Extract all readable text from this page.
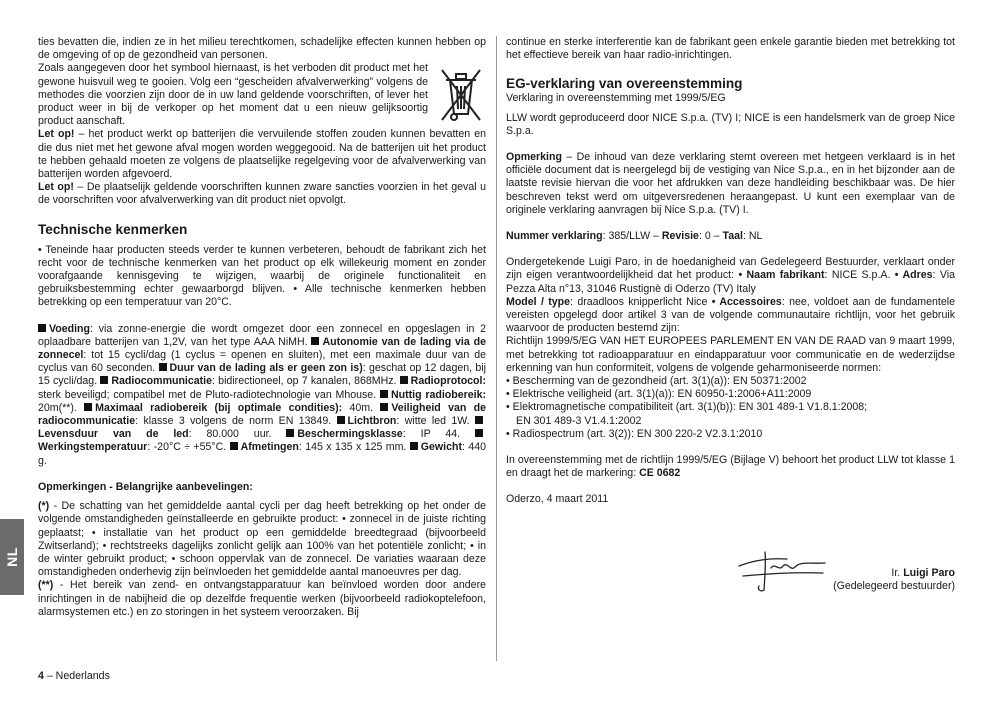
NL

ties bevatten die, indien ze in het milieu terechtkomen, schadelijke effecten kunnen hebben op de omgeving of op de gezondheid van personen.

Zoals aangegeven door het symbool hiernaast, is het verboden dit product met het gewone huisvuil weg te gooien. Volg een “gescheiden afvalverwerking” volgens de methodes die voorzien zijn door de in uw land geldende voorschriften, of lever het product weer in bij de verkoper op het moment dat u een nieuw gelijksoortig product aanschaft.

Let op! – het product werkt op batterijen die vervuilende stoffen zouden kunnen bevatten en die dus niet met het gewone afval mogen worden weggegooid. Na de batterijen uit het product te hebben gehaald moeten ze volgens de plaatselijke regelgeving voor de afvalverwerking van batterijen worden afgevoerd.

Let op! – De plaatselijk geldende voorschriften kunnen zware sancties voorzien in het geval u de voorschriften voor afvalverwerking van dit product niet opvolgt.

Technische kenmerken

• Teneinde haar producten steeds verder te kunnen verbeteren, behoudt de fabrikant zich het recht voor de technische kenmerken van het product op elk willekeurig moment en zonder voorafgaande kennisgeving te wijzigen, waarbij de originele functionaliteit en gebruiksbestemming echter gewaarborgd blijven. • Alle technische kenmerken hebben betrekking op een temperatuur van 20°C.

Voeding: via zonne-energie die wordt omgezet door een zonnecel en opgeslagen in 2 oplaadbare batterijen van 1,2V, van het type AAA NiMH. Autonomie van de lading via de zonnecel: tot 15 cycli/dag (1 cyclus = openen en sluiten), met een maximale duur van de cyclus van 60 seconden. Duur van de lading als er geen zon is): geschat op 12 dagen, bij 15 cycli/dag. Radiocommunicatie: bidirectioneel, op 7 kanalen, 868MHz. Radioprotocol: sterk beveiligd; compatibel met de Pluto-radiotechnologie van Mhouse. Nuttig radiobereik: 20m(**). Maximaal radiobereik (bij optimale condities): 40m. Veiligheid van de radiocommunicatie: klasse 3 volgens de norm EN 13849. Lichtbron: witte led 1W. Levensduur van de led: 80.000 uur. Beschermingsklasse: IP 44. Werkingstemperatuur: -20°C ÷ +55°C. Afmetingen: 145 x 135 x 125 mm. Gewicht: 440 g.

Opmerkingen - Belangrijke aanbevelingen:

(*) - De schatting van het gemiddelde aantal cycli per dag heeft betrekking op het onder de volgende omstandigheden geïnstalleerde en gebruikte product: • zonnecel in de juiste richting geplaatst; • installatie van het product op een gemiddelde breedtegraad (bijvoorbeeld Zwitserland); • rechtstreeks dagelijks zonlicht gelijk aan 100% van het potentiële zonlicht; • in de winter gebruikt product; • schoon oppervlak van de zonnecel. De variaties waaraan deze omstandigheden onderhevig zijn beïnvloeden het gemiddelde aantal manoeuvres per dag.

(**) - Het bereik van zend- en ontvangstapparatuur kan beïnvloed worden door andere inrichtingen in de nabijheid die op dezelfde frequentie werken (bijvoorbeeld radiokoptelefoon, alarmsystemen etc.) en zo storingen in het systeem veroorzaken. Bij

continue en sterke interferentie kan de fabrikant geen enkele garantie bieden met betrekking tot het effectieve bereik van haar radio-inrichtingen.

EG-verklaring van overeenstemming

Verklaring in overeenstemming met 1999/5/EG

LLW wordt geproduceerd door NICE S.p.a. (TV) I; NICE is een handelsmerk van de groep Nice S.p.a.

Opmerking – De inhoud van deze verklaring stemt overeen met hetgeen verklaard is in het officiële document dat is neergelegd bij de vestiging van Nice S.p.a., en in het bijzonder aan de laatste revisie hiervan die voor het afdrukken van deze handleiding beschikbaar was. De hier beschreven tekst werd om uitgeversredenen heraangepast. U kunt een exemplaar van de originele verklaring aanvragen bij Nice S.p.a. (TV) I.

Nummer verklaring: 385/LLW – Revisie: 0 – Taal: NL

Ondergetekende Luigi Paro, in de hoedanigheid van Gedelegeerd Bestuurder, verklaart onder zijn eigen verantwoordelijkheid dat het product: • Naam fabrikant: NICE S.p.A. • Adres: Via Pezza Alta n°13, 31046 Rustignè di Oderzo (TV) Italy

Model / type: draadloos knipperlicht Nice • Accessoires: nee, voldoet aan de fundamentele vereisten opgelegd door artikel 3 van de volgende communautaire richtlijn, voor het gebruik waarvoor de producten bestemd zijn:

Richtlijn 1999/5/EG VAN HET EUROPEES PARLEMENT EN VAN DE RAAD van 9 maart 1999, met betrekking tot radioapparatuur en eindapparatuur voor communicatie en de wederzijdse erkenning van hun conformiteit, volgens de volgende geharmoniseerde normen:

• Bescherming van de gezondheid (art. 3(1)(a)): EN 50371:2002

• Elektrische veiligheid (art. 3(1)(a)): EN 60950-1:2006+A11:2009

• Elektromagnetische compatibiliteit (art. 3(1)(b)): EN 301 489-1 V1.8.1:2008;

EN 301 489-3 V1.4.1:2002

• Radiospectrum (art. 3(2)): EN 300 220-2 V2.3.1:2010

In overeenstemming met de richtlijn 1999/5/EG (Bijlage V) behoort het product LLW tot klasse 1 en draagt het de markering: CE 0682

Oderzo, 4 maart 2011

Ir. Luigi Paro
(Gedelegeerd bestuurder)
4 – Nederlands
